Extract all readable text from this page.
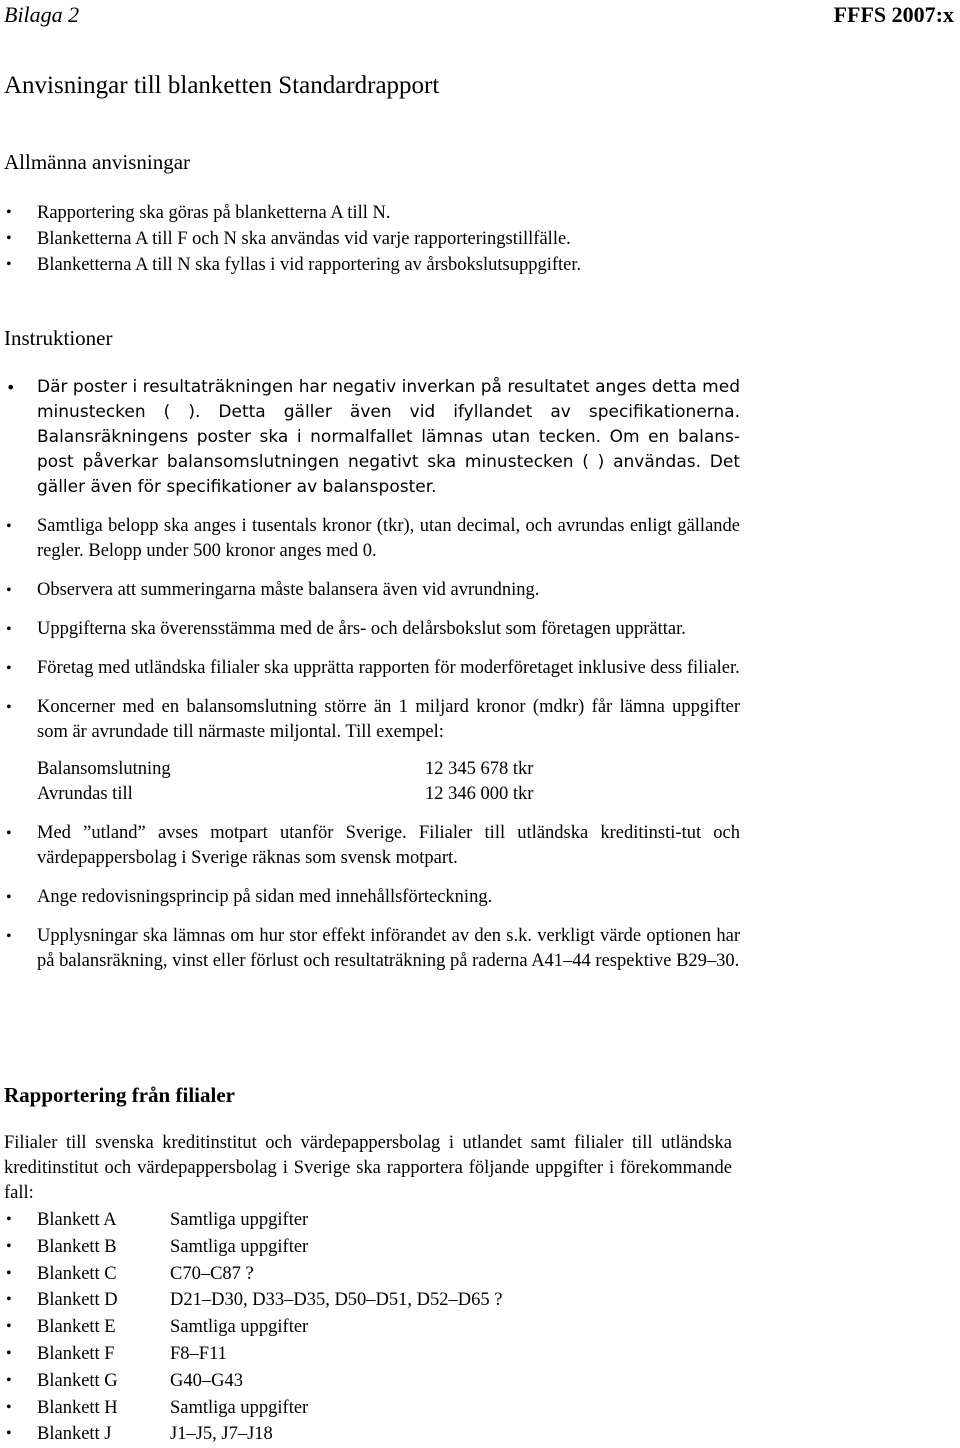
Bilaga 2	FFFS 2007:x
Anvisningar till blanketten Standardrapport
Allmänna anvisningar
• Rapportering ska göras på blanketterna A till N.
• Blanketterna A till F och N ska användas vid varje rapporteringstillfälle.
• Blanketterna A till N ska fyllas i vid rapportering av årsbokslutsuppgifter.
Instruktioner
• Där poster i resultaträkningen har negativ inverkan på resultatet anges detta med minustecken ( ). Detta gäller även vid ifyllandet av specifikationerna. Balansräkningens poster ska i normalfallet lämnas utan tecken. Om en balans-post påverkar balansomslutningen negativt ska minustecken ( ) användas. Det gäller även för specifikationer av balansposter.
• Samtliga belopp ska anges i tusentals kronor (tkr), utan decimal, och avrundas enligt gällande regler. Belopp under 500 kronor anges med 0.
• Observera att summeringarna måste balansera även vid avrundning.
• Uppgifterna ska överensstämma med de års- och delårsbokslut som företagen upprättar.
• Företag med utländska filialer ska upprätta rapporten för moderföretaget inklusive dess filialer.
• Koncerner med en balansomslutning större än 1 miljard kronor (mdkr) får lämna uppgifter som är avrundade till närmaste miljontal. Till exempel:
Balansomslutning	12 345 678 tkr
Avrundas till	12 346 000 tkr
• Med ”utland” avses motpart utanför Sverige. Filialer till utländska kreditinsti-tut och värdepappersbolag i Sverige räknas som svensk motpart.
• Ange redovisningsprincip på sidan med innehållsförteckning.
• Upplysningar ska lämnas om hur stor effekt införandet av den s.k. verkligt värde optionen har på balansräkning, vinst eller förlust och resultaträkning på raderna A41–44 respektive B29–30.
Rapportering från filialer

Filialer till svenska kreditinstitut och värdepappersbolag i utlandet samt filialer till utländska kreditinstitut och värdepappersbolag i Sverige ska rapportera följande uppgifter i förekommande fall:

• Blankett A	Samtliga uppgifter
• Blankett B	Samtliga uppgifter
• Blankett C	C70–C87 ?
• Blankett D	D21–D30, D33–D35, D50–D51, D52–D65 ?
• Blankett E	Samtliga uppgifter
• Blankett F	F8–F11
• Blankett G	G40–G43
• Blankett H	Samtliga uppgifter
• Blankett J	J1–J5, J7–J18
